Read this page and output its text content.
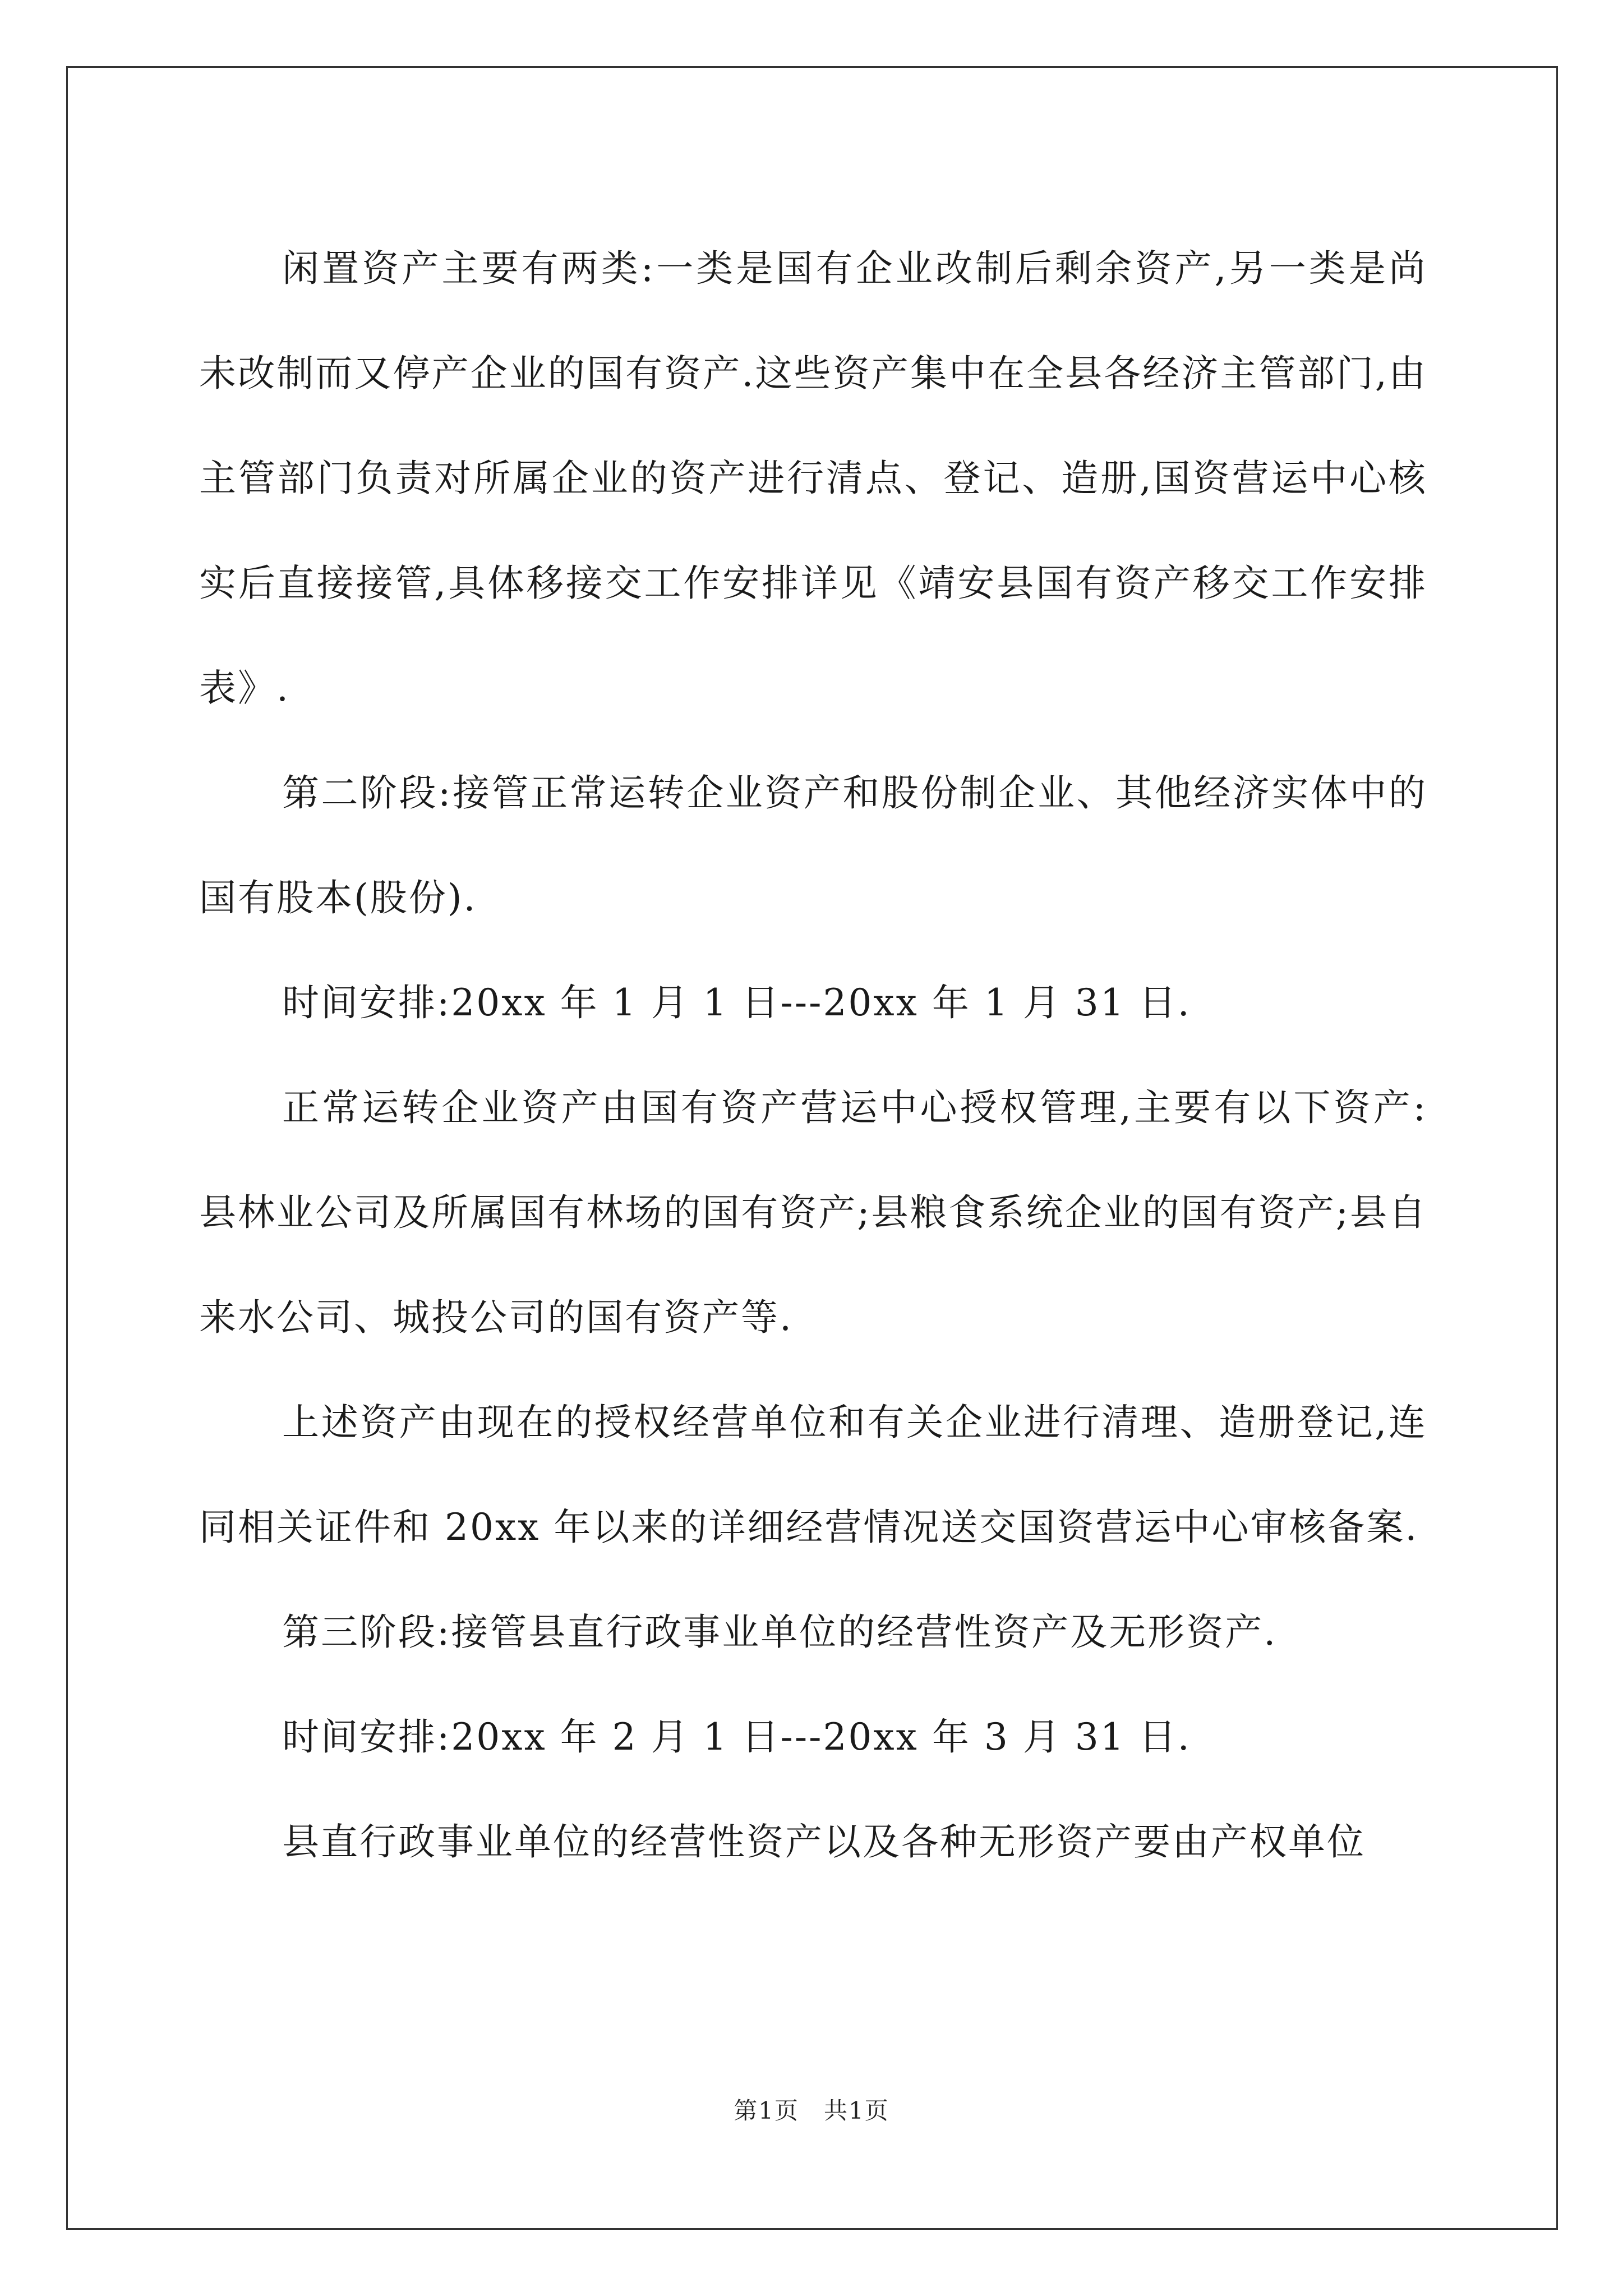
闲置资产主要有两类:一类是国有企业改制后剩余资产,另一类是尚未改制而又停产企业的国有资产.这些资产集中在全县各经济主管部门,由主管部门负责对所属企业的资产进行清点、登记、造册,国资营运中心核实后直接接管,具体移接交工作安排详见《靖安县国有资产移交工作安排表》.

第二阶段:接管正常运转企业资产和股份制企业、其他经济实体中的国有股本(股份).

时间安排:20xx 年 1 月 1 日---20xx 年 1 月 31 日.

正常运转企业资产由国有资产营运中心授权管理,主要有以下资产:县林业公司及所属国有林场的国有资产;县粮食系统企业的国有资产;县自来水公司、城投公司的国有资产等.

上述资产由现在的授权经营单位和有关企业进行清理、造册登记,连同相关证件和 20xx 年以来的详细经营情况送交国资营运中心审核备案.

第三阶段:接管县直行政事业单位的经营性资产及无形资产.

时间安排:20xx 年 2 月 1 日---20xx 年 3 月 31 日.

县直行政事业单位的经营性资产以及各种无形资产要由产权单位

第1页　共1页
